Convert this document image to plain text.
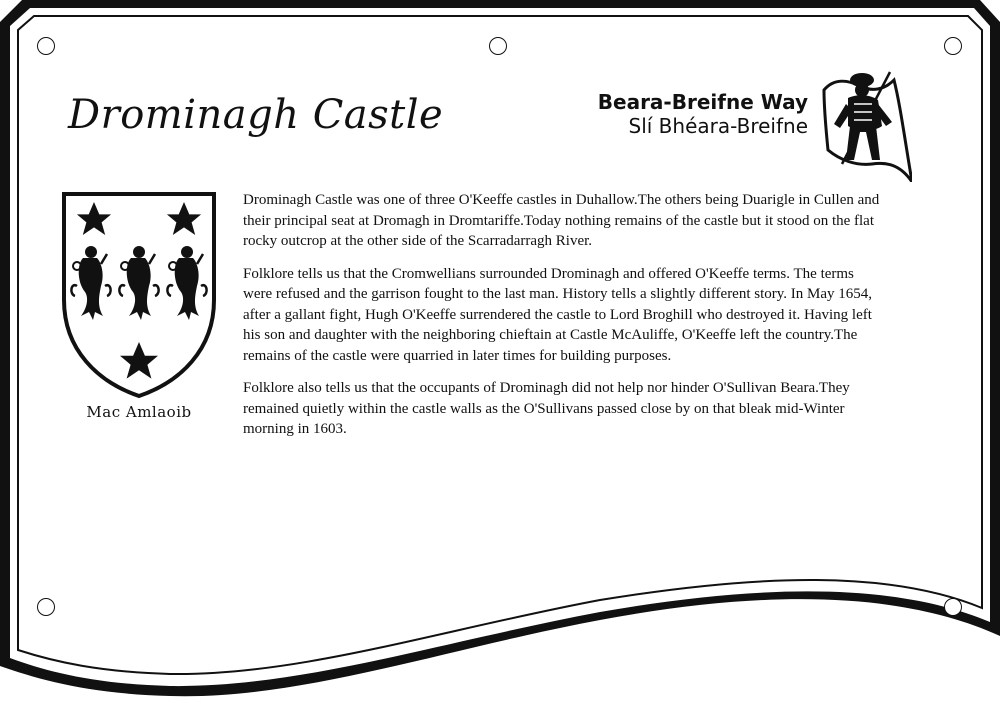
Drominagh Castle	Beara-Breifne Way
Slí Bhéara-Breifne
Mac Amlaoib

Drominagh Castle was one of three O'Keeffe castles in Duhallow.The others being Duarigle in Cullen and their principal seat at Dromagh in Dromtariffe.Today nothing remains of the castle but it stood on the flat rocky outcrop at the other side of the Scarradarragh River.

Folklore tells us that the Cromwellians surrounded Drominagh and offered O'Keeffe terms. The terms were refused and the garrison fought to the last man. History tells a slightly different story. In May 1654, after a gallant fight, Hugh O'Keeffe surrendered the castle to Lord Broghill who destroyed it. Having left his son and daughter with the neighboring chieftain at Castle McAuliffe, O'Keeffe left the country.The remains of the castle were quarried in later times for building purposes.

Folklore also tells us that the occupants of Drominagh did not help nor hinder O'Sullivan Beara.They remained quietly within the castle walls as the O'Sullivans passed close by on that bleak mid-Winter morning in 1603.
